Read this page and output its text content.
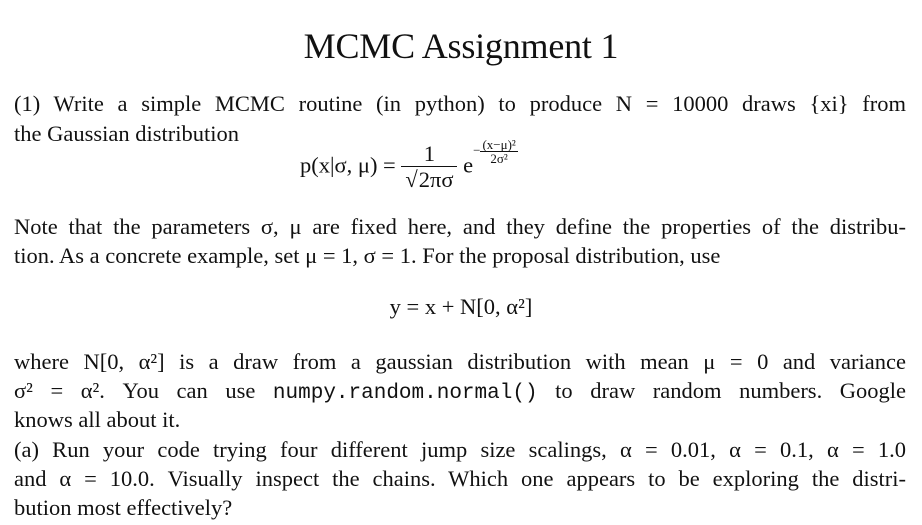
MCMC Assignment 1
(1) Write a simple MCMC routine (in python) to produce N = 10000 draws {xi} from
the Gaussian distribution
p(x|σ, $\mu) = \frac{1}{√2\pi\sigma} e- \frac{\text{(x−μ)²}}{\text{2σ²}}$
Note that the parameters σ, μ are fixed here, and they define the properties of the distribu-
tion. As a concrete example, set μ = 1, σ = 1. For the proposal distribution, use
y = x + N[0, α²]
where N[0, α²] is a draw from a gaussian distribution with mean μ = 0 and variance
σ² = α². You can use numpy.random.normal() to draw random numbers. Google
knows all about it.
(a) Run your code trying four different jump size scalings, α = 0.01, α = 0.1, α = 1.0
and α = 10.0. Visually inspect the chains. Which one appears to be exploring the distri-
bution most effectively?
